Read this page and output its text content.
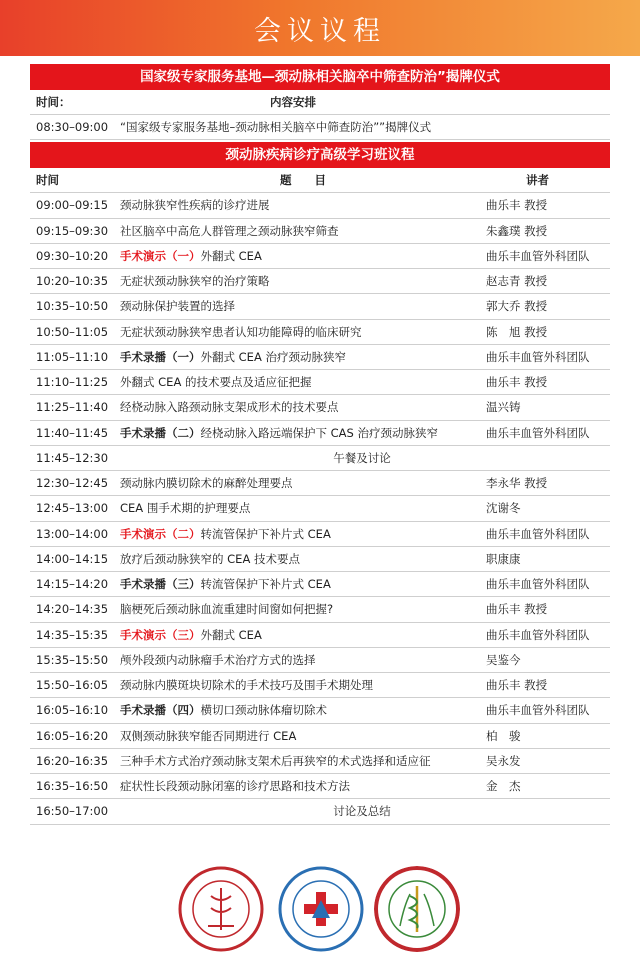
会议议程
国家级专家服务基地—颈动脉相关脑卒中筛查防治”揭牌仪式
时间：	内容安排
08:30–09:00	“国家级专家服务基地–颈动脉相关脑卒中筛查防治””揭牌仪式
颈动脉疾病诊疗高级学习班议程
时间	题　　目	讲者
09:00–09:15	颈动脉狭窄性疾病的诊疗进展	曲乐丰 教授
09:15–09:30	社区脑卒中高危人群管理之颈动脉狭窄筛查	朱鑫璞 教授
09:30–10:20	手术演示（一）外翻式 CEA	曲乐丰血管外科团队
10:20–10:35	无症状颈动脉狭窄的治疗策略	赵志青 教授
10:35–10:50	颈动脉保护装置的选择	郭大乔 教授
10:50–11:05	无症状颈动脉狭窄患者认知功能障碍的临床研究	陈　旭 教授
11:05–11:10	手术录播（一）外翻式 CEA 治疗颈动脉狭窄	曲乐丰血管外科团队
11:10–11:25	外翻式 CEA 的技术要点及适应征把握	曲乐丰 教授
11:25–11:40	经桡动脉入路颈动脉支架成形术的技术要点	温兴铸
11:40–11:45	手术录播（二）经桡动脉入路远端保护下 CAS 治疗颈动脉狭窄	曲乐丰血管外科团队
11:45–12:30	午餐及讨论
12:30–12:45	颈动脉内膜切除术的麻醉处理要点	李永华 教授
12:45–13:00	CEA 围手术期的护理要点	沈谢冬
13:00–14:00	手术演示（二）转流管保护下补片式 CEA	曲乐丰血管外科团队
14:00–14:15	放疗后颈动脉狭窄的 CEA 技术要点	职康康
14:15–14:20	手术录播（三）转流管保护下补片式 CEA	曲乐丰血管外科团队
14:20–14:35	脑梗死后颈动脉血流重建时间窗如何把握?	曲乐丰 教授
14:35–15:35	手术演示（三）外翻式 CEA	曲乐丰血管外科团队
15:35–15:50	颅外段颈内动脉瘤手术治疗方式的选择	吴鉴今
15:50–16:05	颈动脉内膜斑块切除术的手术技巧及围手术期处理	曲乐丰 教授
16:05–16:10	手术录播（四）横切口颈动脉体瘤切除术	曲乐丰血管外科团队
16:05–16:20	双侧颈动脉狭窄能否同期进行 CEA	柏　骏
16:20–16:35	三种手术方式治疗颈动脉支架术后再狭窄的术式选择和适应征	吴永发
16:35–16:50	症状性长段颈动脉闭塞的诊疗思路和技术方法	金　杰
16:50–17:00	讨论及总结
